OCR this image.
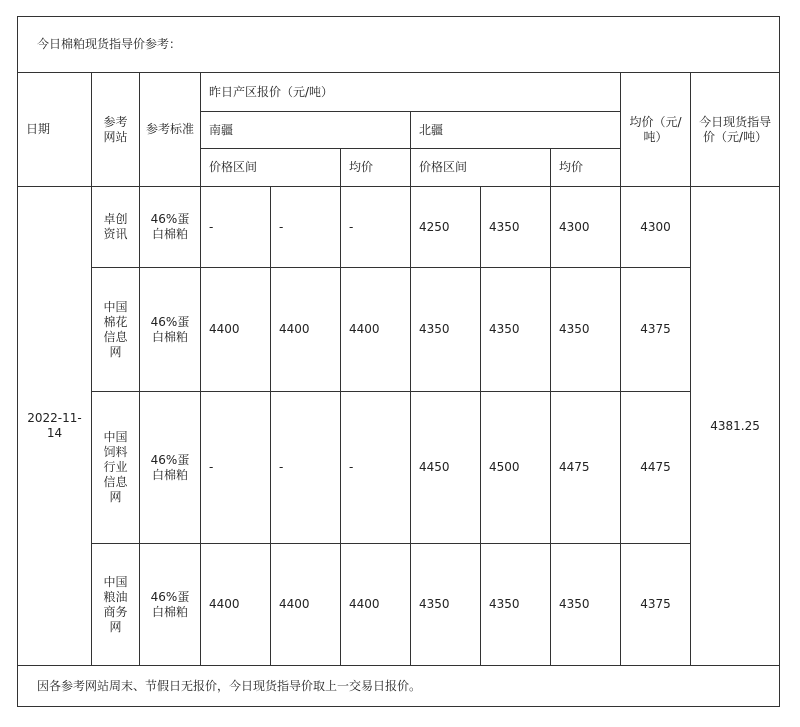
今日棉粕现货指导价参考：										
日期	参考网站	参考标准	昨日产区报价（元/吨）						均价（元/吨）	今日现货指导价（元/吨）
			南疆			北疆				
			价格区间		均价	价格区间		均价		
2022-11-14	卓创资讯	46%蛋白棉粕	-	-	-	4250	4350	4300	4300	4381.25
	中国棉花信息网	46%蛋白棉粕	4400	4400	4400	4350	4350	4350	4375	
	中国饲料行业信息网	46%蛋白棉粕	-	-	-	4450	4500	4475	4475	
	中国粮油商务网	46%蛋白棉粕	4400	4400	4400	4350	4350	4350	4375	
因各参考网站周末、节假日无报价，今日现货指导价取上一交易日报价。										
